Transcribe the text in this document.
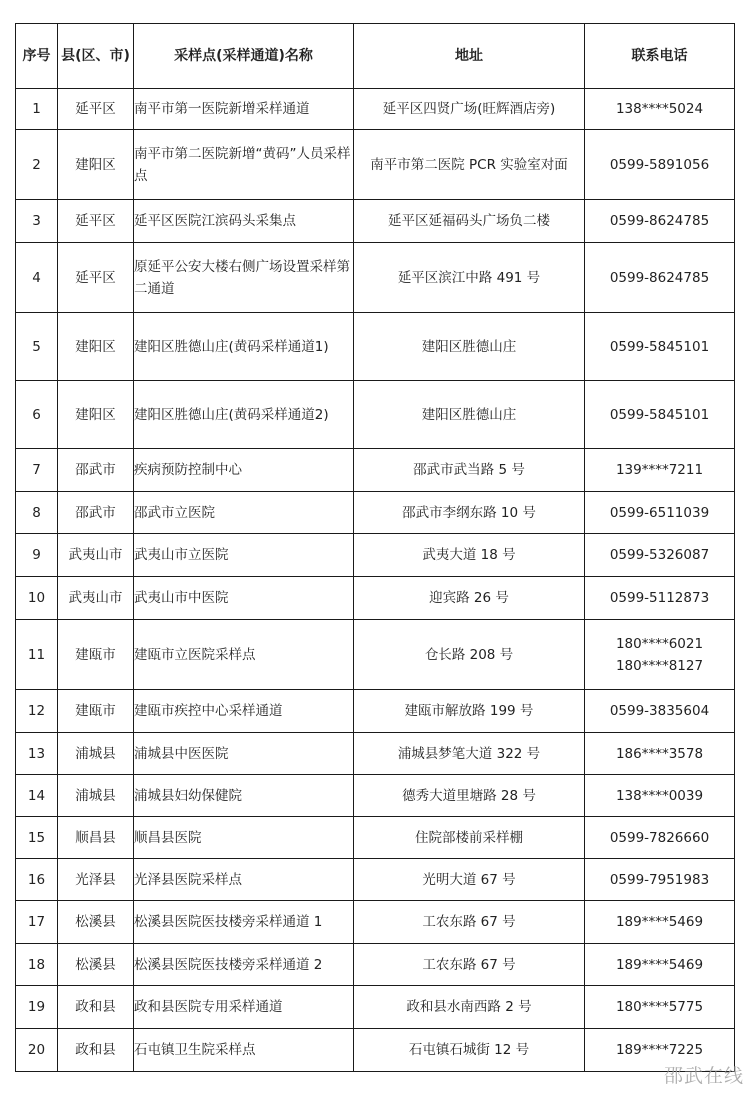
序号	县(区、市)	采样点(采样通道)名称	地址	联系电话
1	延平区	南平市第一医院新增采样通道	延平区四贤广场(旺辉酒店旁)	138****5024

2	建阳区	南平市第二医院新增“黄码”人员采样点	南平市第二医院 PCR 实验室对面	0599-5891056

3	延平区	延平区医院江滨码头采集点	延平区延福码头广场负二楼	0599-8624785

4	延平区	原延平公安大楼右侧广场设置采样第二通道	延平区滨江中路 491 号	0599-8624785

5	建阳区	建阳区胜德山庄(黄码采样通道1)	建阳区胜德山庄	0599-5845101

6	建阳区	建阳区胜德山庄(黄码采样通道2)	建阳区胜德山庄	0599-5845101

7	邵武市	疾病预防控制中心	邵武市武当路 5 号	139****7211

8	邵武市	邵武市立医院	邵武市李纲东路 10 号	0599-6511039

9	武夷山市	武夷山市立医院	武夷大道 18 号	0599-5326087

10	武夷山市	武夷山市中医院	迎宾路 26 号	0599-5112873

11	建瓯市	建瓯市立医院采样点	仓长路 208 号	180****6021
180****8127

12	建瓯市	建瓯市疾控中心采样通道	建瓯市解放路 199 号	0599-3835604

13	浦城县	浦城县中医医院	浦城县梦笔大道 322 号	186****3578

14	浦城县	浦城县妇幼保健院	德秀大道里塘路 28 号	138****0039

15	顺昌县	顺昌县医院	住院部楼前采样棚	0599-7826660

16	光泽县	光泽县医院采样点	光明大道 67 号	0599-7951983

17	松溪县	松溪县医院医技楼旁采样通道 1	工农东路 67 号	189****5469

18	松溪县	松溪县医院医技楼旁采样通道 2	工农东路 67 号	189****5469

19	政和县	政和县医院专用采样通道	政和县水南西路 2 号	180****5775

20	政和县	石屯镇卫生院采样点	石屯镇石城街 12 号	189****7225
邵武在线
